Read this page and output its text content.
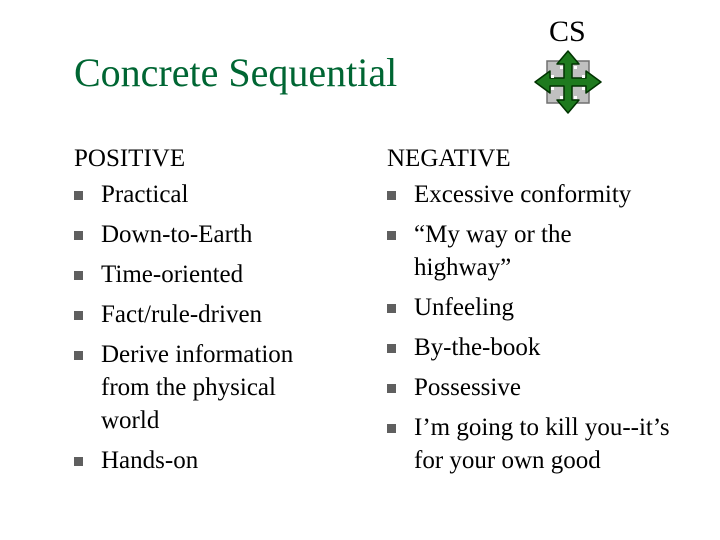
Concrete Sequential
CS
POSITIVE
Practical
Down-to-Earth
Time-oriented
Fact/rule-driven
Derive information from the physical world
Hands-on
NEGATIVE
Excessive conformity
“My way or the highway”
Unfeeling
By-the-book
Possessive
I’m going to kill you--it’s for your own good
